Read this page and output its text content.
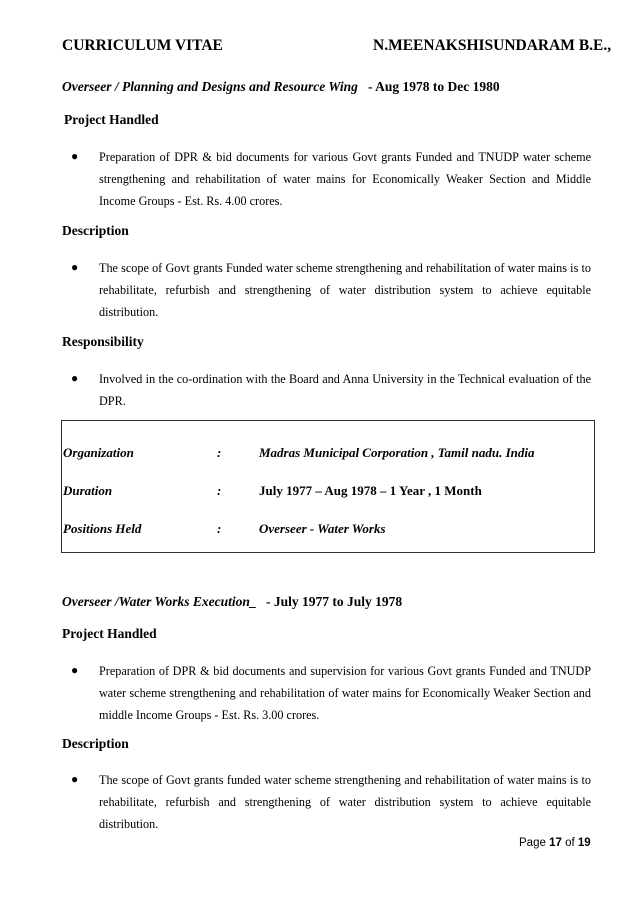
CURRICULUM VITAE	N.MEENAKSHISUNDARAM B.E.,
Overseer / Planning and Designs and Resource Wing - Aug 1978 to Dec 1980
Project Handled
● Preparation of DPR & bid documents for various Govt grants Funded and TNUDP water scheme strengthening and rehabilitation of water mains for Economically Weaker Section and Middle Income Groups - Est. Rs. 4.00 crores.
Description
● The scope of Govt grants Funded water scheme strengthening and rehabilitation of water mains is to rehabilitate, refurbish and strengthening of water distribution system to achieve equitable distribution.
Responsibility
● Involved in the co-ordination with the Board and Anna University in the Technical evaluation of the DPR.
Organization	:	Madras Municipal Corporation , Tamil nadu. India
Duration	:	July 1977 – Aug 1978 – 1 Year , 1 Month
Positions Held	:	Overseer - Water Works
Overseer /Water Works Execution_ - July 1977 to July 1978
Project Handled
● Preparation of DPR & bid documents and supervision for various Govt grants Funded and TNUDP water scheme strengthening and rehabilitation of water mains for Economically Weaker Section and middle Income Groups - Est. Rs. 3.00 crores.
Description
● The scope of Govt grants funded water scheme strengthening and rehabilitation of water mains is to rehabilitate, refurbish and strengthening of water distribution system to achieve equitable distribution.
Page 17 of 19
